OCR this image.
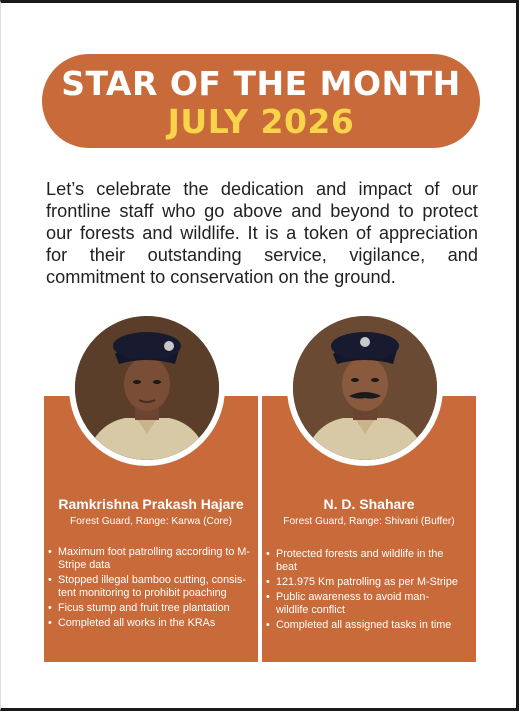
STAR OF THE MONTH
JULY 2026
Let’s celebrate the dedication and impact of our frontline staff who go above and beyond to protect our forests and wildlife. It is a token of appreciation for their outstanding service, vigilance, and commitment to conservation on the ground.
Ramkrishna Prakash Hajare
Forest Guard, Range: Karwa (Core)
• Maximum foot patrolling according to M-Stripe data
• Stopped illegal bamboo cutting, consis- tent monitoring to prohibit poaching
• Ficus stump and fruit tree plantation
• Completed all works in the KRAs
N. D. Shahare
Forest Guard, Range: Shivani (Buffer)
• Protected forests and wildlife in the beat
• 121.975 Km patrolling as per M-Stripe
• Public awareness to avoid man-wildlife conflict
• Completed all assigned tasks in time
